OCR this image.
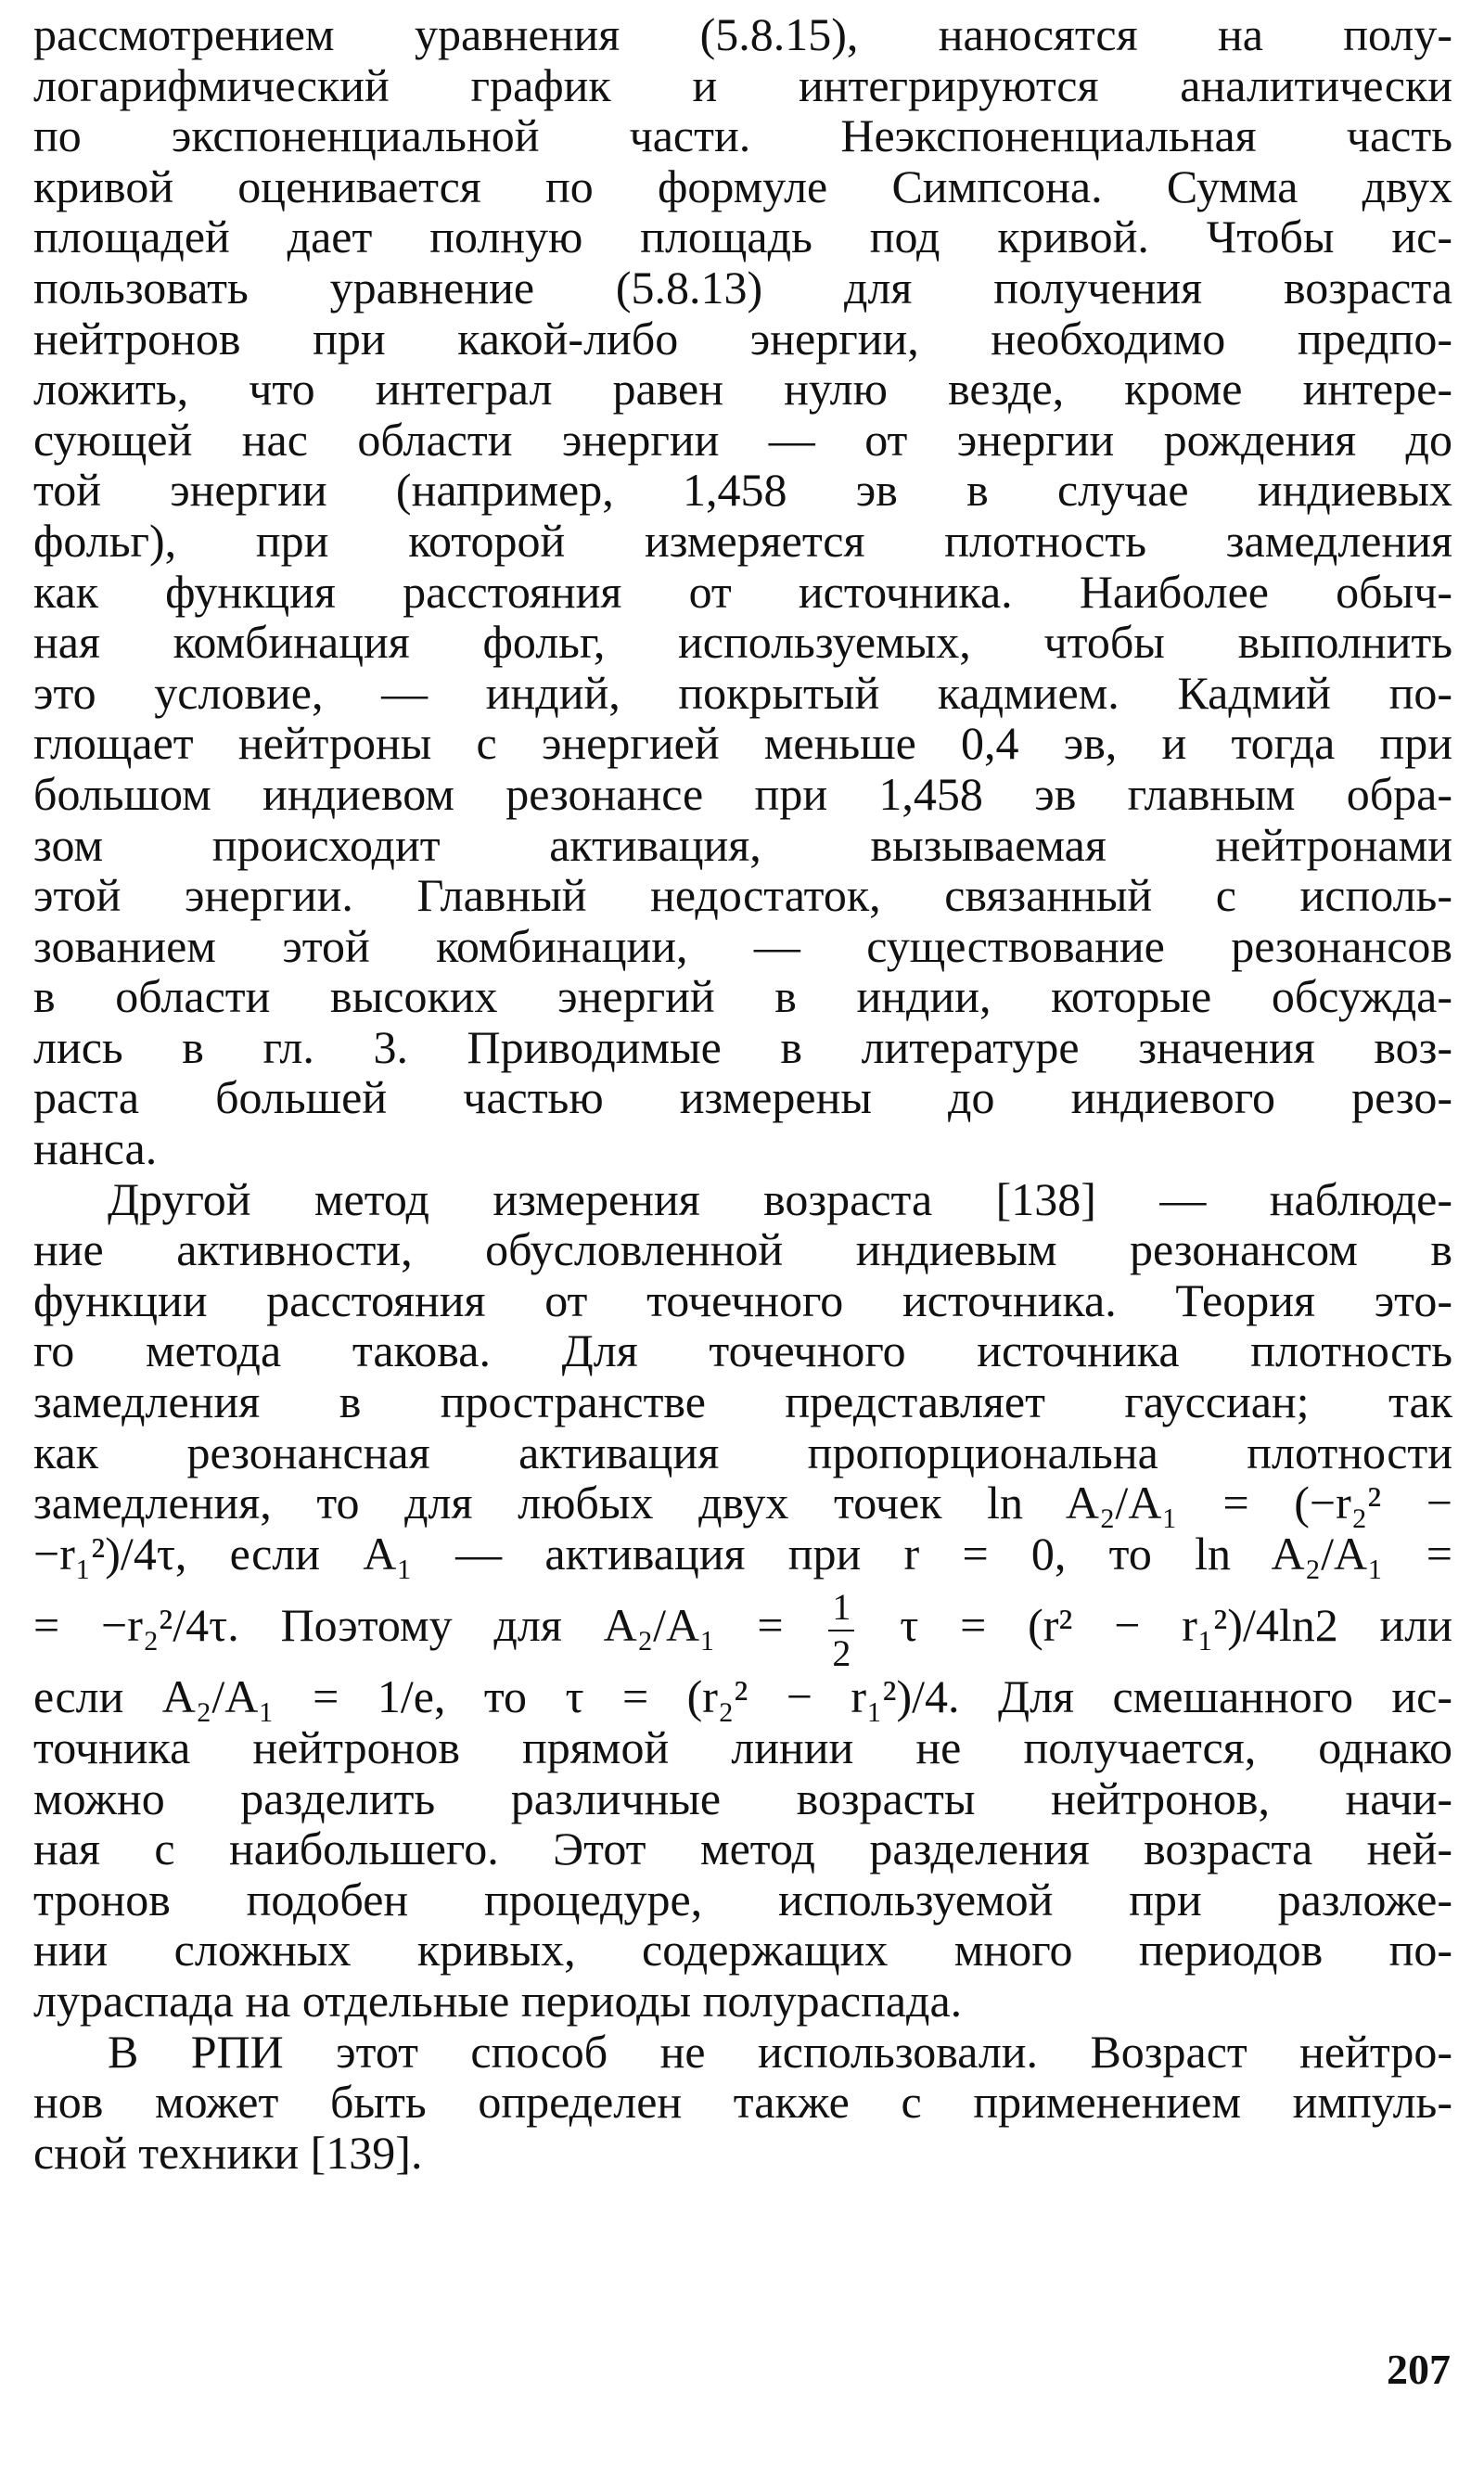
рассмотрением уравнения (5.8.15), наносятся на полу-
логарифмический график и интегрируются аналитически
по экспоненциальной части. Неэкспоненциальная часть
кривой оценивается по формуле Симпсона. Сумма двух
площадей дает полную площадь под кривой. Чтобы ис-
пользовать уравнение (5.8.13) для получения возраста
нейтронов при какой-либо энергии, необходимо предпо-
ложить, что интеграл равен нулю везде, кроме интере-
сующей нас области энергии — от энергии рождения до
той энергии (например, 1,458 эв в случае индиевых
фольг), при которой измеряется плотность замедления
как функция расстояния от источника. Наиболее обыч-
ная комбинация фольг, используемых, чтобы выполнить
это условие, — индий, покрытый кадмием. Кадмий по-
глощает нейтроны с энергией меньше 0,4 эв, и тогда при
большом индиевом резонансе при 1,458 эв главным обра-
зом происходит активация, вызываемая нейтронами
этой энергии. Главный недостаток, связанный с исполь-
зованием этой комбинации, — существование резонансов
в области высоких энергий в индии, которые обсужда-
лись в гл. 3. Приводимые в литературе значения воз-
раста большей частью измерены до индиевого резо-
нанса.
Другой метод измерения возраста [138] — наблюде-
ние активности, обусловленной индиевым резонансом в
функции расстояния от точечного источника. Теория это-
го метода такова. Для точечного источника плотность
замедления в пространстве представляет гауссиан; так
как резонансная активация пропорциональна плотности
замедления, то для любых двух точек ln A₂/A₁ = (−r₂² −
−r₁²)/4τ, если A₁ — активация при r = 0, то ln A₂/A₁ =
= −r₂²/4τ. Поэтому для $A_2/A_1 = \frac{1}{2}$ τ = (r² − r₁²)/4ln2 или
если A₂/A₁ = 1/e, то τ = (r₂² − r₁²)/4. Для смешанного ис-
точника нейтронов прямой линии не получается, однако
можно разделить различные возрасты нейтронов, начи-
ная с наибольшего. Этот метод разделения возраста ней-
тронов подобен процедуре, используемой при разложе-
нии сложных кривых, содержащих много периодов по-
лураспада на отдельные периоды полураспада.
В РПИ этот способ не использовали. Возраст нейтро-
нов может быть определен также с применением импуль-
сной техники [139].
207
